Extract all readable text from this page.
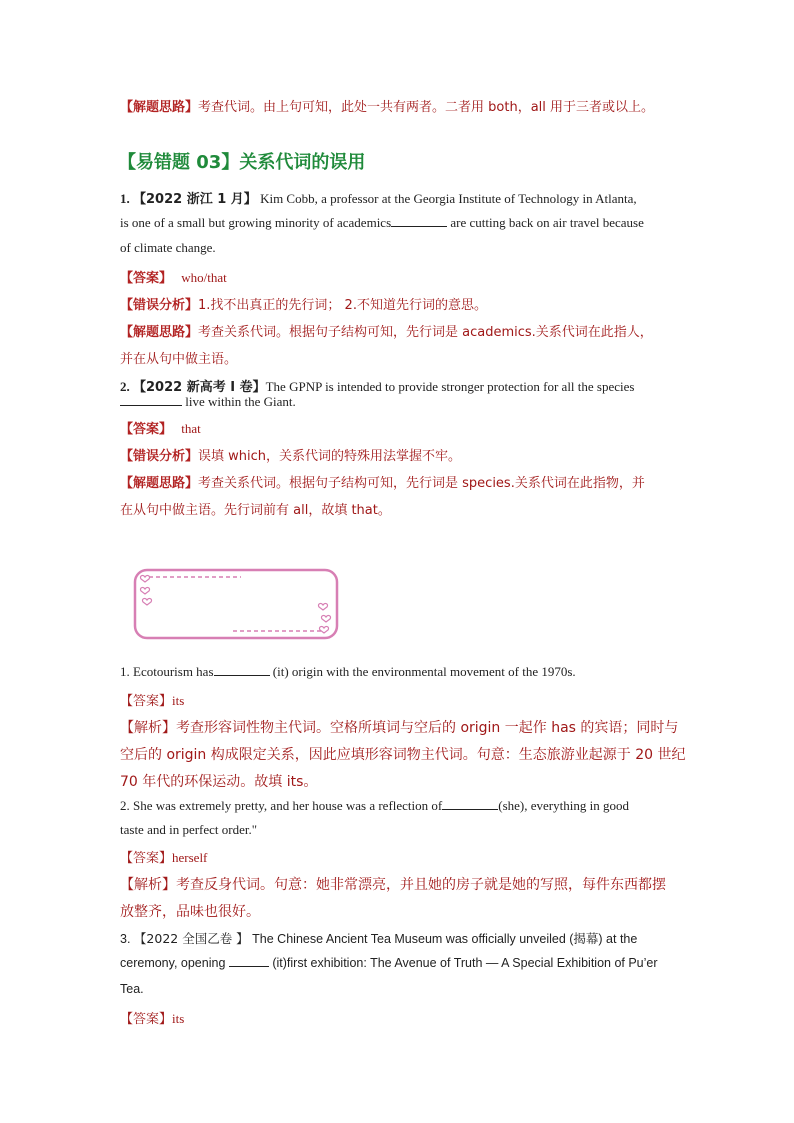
【解题思路】考查代词。由上句可知，此处一共有两者。二者用 both，all 用于三者或以上。
【易错题 03】关系代词的误用
1. 【2022 浙江 1 月】 Kim Cobb, a professor at the Georgia Institute of Technology in Atlanta,
is one of a small but growing minority of academics	are cutting back on air travel because
of climate change.
【答案】 who/that
【错误分析】1.找不出真正的先行词； 2.不知道先行词的意思。
【解题思路】考查关系代词。根据句子结构可知，先行词是 academics.关系代词在此指人，
并在从句中做主语。
2. 【2022 新高考 I 卷】The GPNP is intended to provide stronger protection for all the species
live within the Giant.
【答案】 that
【错误分析】误填 which，关系代词的特殊用法掌握不牢。
【解题思路】考查关系代词。根据句子结构可知，先行词是 species.关系代词在此指物，并
在从句中做主语。先行词前有 all，故填 that。
1. Ecotourism has	(it) origin with the environmental movement of the 1970s.
【答案】its
【解析】考查形容词性物主代词。空格所填词与空后的 origin 一起作 has 的宾语；同时与
空后的 origin 构成限定关系，因此应填形容词物主代词。句意：生态旅游业起源于 20 世纪
70 年代的环保运动。故填 its。
2. She was extremely pretty, and her house was a reflection of	(she), everything in good
taste and in perfect order."
【答案】herself
【解析】考查反身代词。句意：她非常漂亮，并且她的房子就是她的写照，每件东西都摆
放整齐，品味也很好。
3. 【2022 全国乙卷 】 The Chinese Ancient Tea Museum was officially unveiled (揭幕) at the
ceremony, opening	(it)first exhibition: The Avenue of Truth — A Special Exhibition of Pu’er
Tea.
【答案】its
